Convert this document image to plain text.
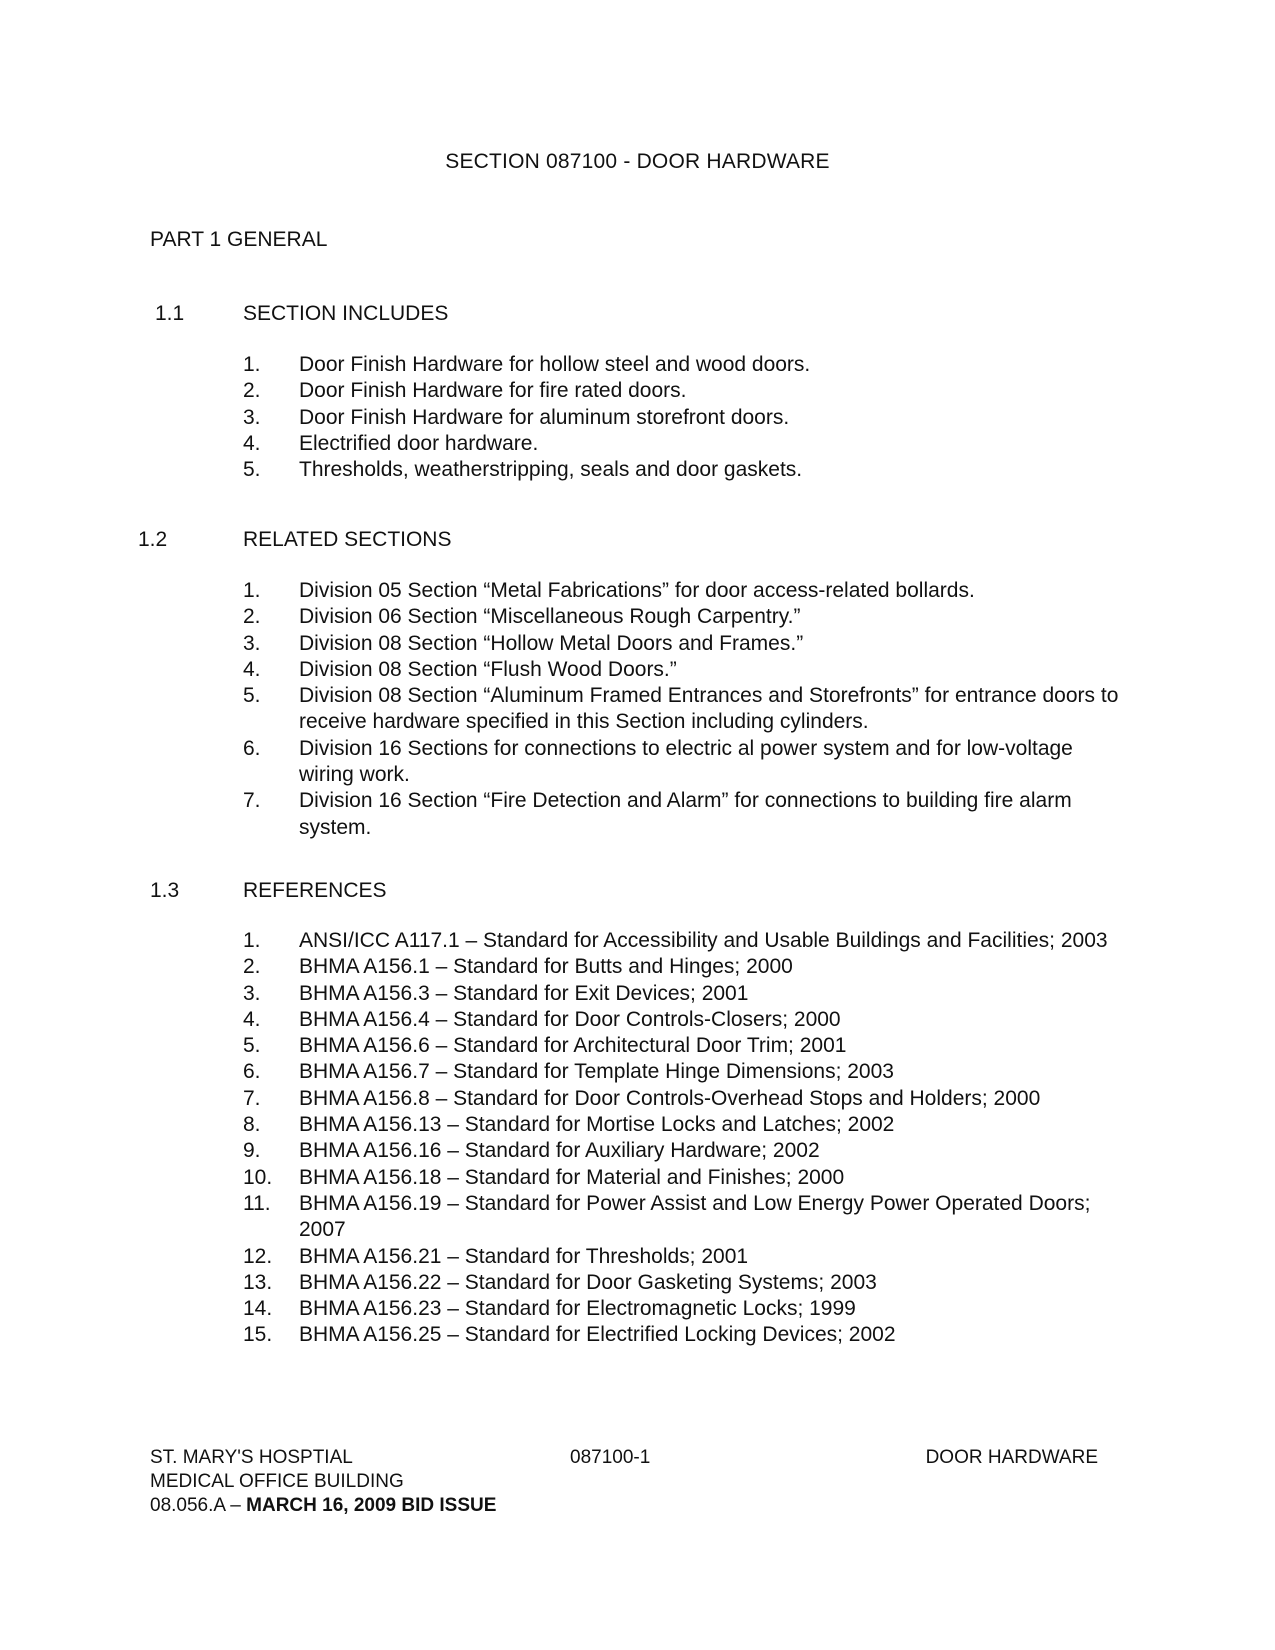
SECTION 087100 - DOOR HARDWARE
PART 1 GENERAL
1.1	SECTION INCLUDES
1. Door Finish Hardware for hollow steel and wood doors.
2. Door Finish Hardware for fire rated doors.
3. Door Finish Hardware for aluminum storefront doors.
4. Electrified door hardware.
5. Thresholds, weatherstripping, seals and door gaskets.
1.2	RELATED SECTIONS
1. Division 05 Section “Metal Fabrications” for door access-related bollards.
2. Division 06 Section “Miscellaneous Rough Carpentry.”
3. Division 08 Section “Hollow Metal Doors and Frames.”
4. Division 08 Section “Flush Wood Doors.”
5. Division 08 Section “Aluminum Framed Entrances and Storefronts” for entrance doors to receive hardware specified in this Section including cylinders.
6. Division 16 Sections for connections to electric al power system and for low-voltage wiring work.
7. Division 16 Section “Fire Detection and Alarm” for connections to building fire alarm system.
1.3	REFERENCES
1. ANSI/ICC A117.1 – Standard for Accessibility and Usable Buildings and Facilities; 2003
2. BHMA A156.1 – Standard for Butts and Hinges; 2000
3. BHMA A156.3 – Standard for Exit Devices; 2001
4. BHMA A156.4 – Standard for Door Controls-Closers; 2000
5. BHMA A156.6 – Standard for Architectural Door Trim; 2001
6. BHMA A156.7 – Standard for Template Hinge Dimensions; 2003
7. BHMA A156.8 – Standard for Door Controls-Overhead Stops and Holders; 2000
8. BHMA A156.13 – Standard for Mortise Locks and Latches; 2002
9. BHMA A156.16 – Standard for Auxiliary Hardware; 2002
10. BHMA A156.18 – Standard for Material and Finishes; 2000
11. BHMA A156.19 – Standard for Power Assist and Low Energy Power Operated Doors; 2007
12. BHMA A156.21 – Standard for Thresholds; 2001
13. BHMA A156.22 – Standard for Door Gasketing Systems; 2003
14. BHMA A156.23 – Standard for Electromagnetic Locks; 1999
15. BHMA A156.25 – Standard for Electrified Locking Devices; 2002
ST. MARY'S HOSPTIAL	087100-1	DOOR HARDWARE
MEDICAL OFFICE BUILDING
08.056.A – MARCH 16, 2009 BID ISSUE
